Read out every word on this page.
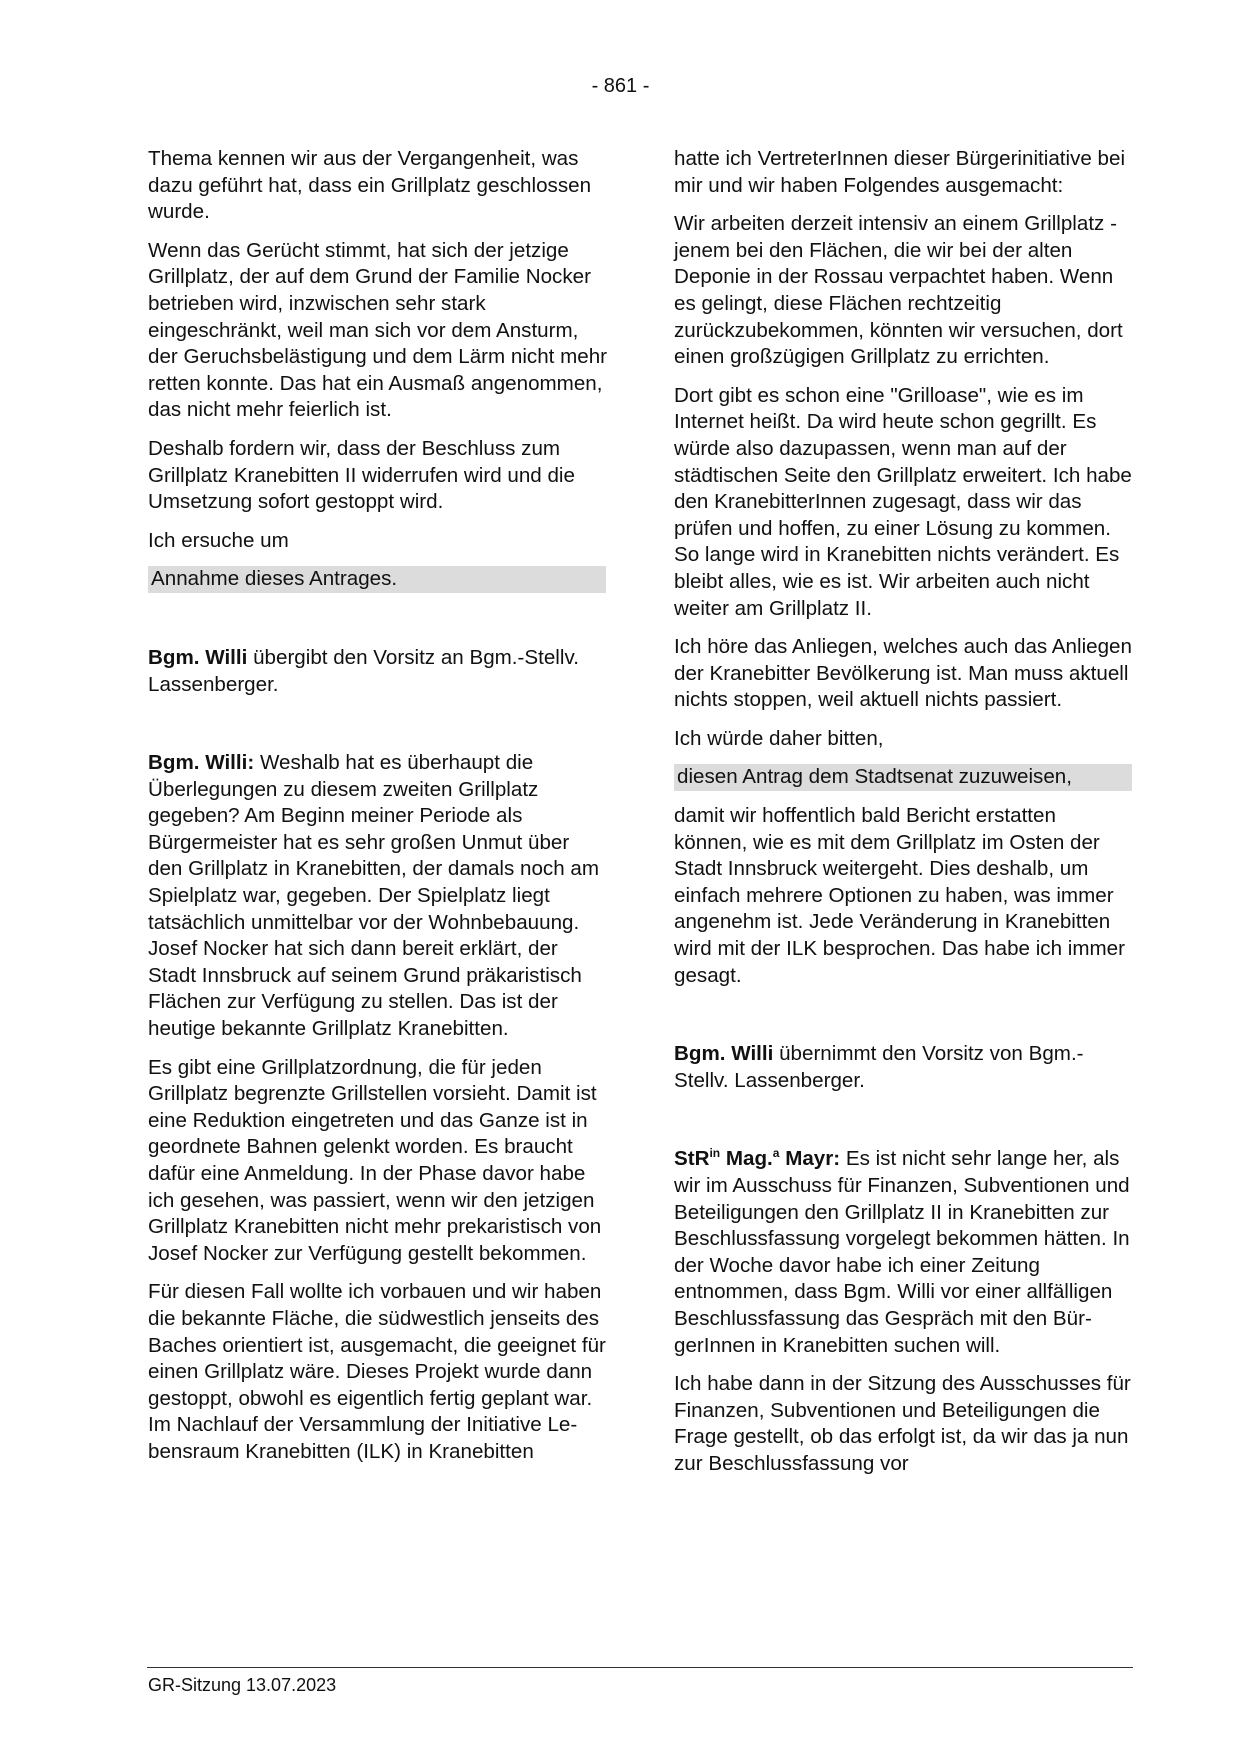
- 861 -

Thema kennen wir aus der Vergangenheit, was dazu geführt hat, dass ein Grillplatz geschlossen wurde.

Wenn das Gerücht stimmt, hat sich der jetzige Grillplatz, der auf dem Grund der Familie Nocker betrieben wird, inzwischen sehr stark eingeschränkt, weil man sich vor dem Ansturm, der Geruchsbelästigung und dem Lärm nicht mehr retten konnte. Das hat ein Ausmaß angenommen, das nicht mehr feierlich ist.

Deshalb fordern wir, dass der Beschluss zum Grillplatz Kranebitten II widerrufen wird und die Umsetzung sofort gestoppt wird.

Ich ersuche um

Annahme dieses Antrages.

Bgm. Willi übergibt den Vorsitz an Bgm.-Stellv. Lassenberger.

Bgm. Willi: Weshalb hat es überhaupt die Überlegungen zu diesem zweiten Grillplatz gegeben? Am Beginn meiner Periode als Bürgermeister hat es sehr großen Unmut über den Grillplatz in Kranebitten, der damals noch am Spielplatz war, gegeben. Der Spielplatz liegt tatsächlich unmittelbar vor der Wohnbebauung. Josef Nocker hat sich dann bereit erklärt, der Stadt Innsbruck auf seinem Grund präkaristisch Flächen zur Verfügung zu stellen. Das ist der heutige bekannte Grillplatz Kranebitten.

Es gibt eine Grillplatzordnung, die für jeden Grillplatz begrenzte Grillstellen vorsieht. Damit ist eine Reduktion eingetreten und das Ganze ist in geordnete Bahnen gelenkt worden. Es braucht dafür eine Anmeldung. In der Phase davor habe ich gesehen, was passiert, wenn wir den jetzigen Grillplatz Kranebitten nicht mehr prekaristisch von Josef Nocker zur Verfügung gestellt bekommen.

Für diesen Fall wollte ich vorbauen und wir haben die bekannte Fläche, die südwestlich jenseits des Baches orientiert ist, ausgemacht, die geeignet für einen Grillplatz wäre. Dieses Projekt wurde dann gestoppt, obwohl es eigentlich fertig geplant war. Im Nachlauf der Versammlung der Initiative Lebensraum Kranebitten (ILK) in Kranebitten

hatte ich VertreterInnen dieser Bürgerinitiative bei mir und wir haben Folgendes ausgemacht:

Wir arbeiten derzeit intensiv an einem Grillplatz - jenem bei den Flächen, die wir bei der alten Deponie in der Rossau verpachtet haben. Wenn es gelingt, diese Flächen rechtzeitig zurückzubekommen, könnten wir versuchen, dort einen großzügigen Grillplatz zu errichten.

Dort gibt es schon eine "Grilloase", wie es im Internet heißt. Da wird heute schon gegrillt. Es würde also dazupassen, wenn man auf der städtischen Seite den Grillplatz erweitert. Ich habe den KranebitterInnen zugesagt, dass wir das prüfen und hoffen, zu einer Lösung zu kommen. So lange wird in Kranebitten nichts verändert. Es bleibt alles, wie es ist. Wir arbeiten auch nicht weiter am Grillplatz II.

Ich höre das Anliegen, welches auch das Anliegen der Kranebitter Bevölkerung ist. Man muss aktuell nichts stoppen, weil aktuell nichts passiert.

Ich würde daher bitten,

diesen Antrag dem Stadtsenat zuzuweisen,

damit wir hoffentlich bald Bericht erstatten können, wie es mit dem Grillplatz im Osten der Stadt Innsbruck weitergeht. Dies deshalb, um einfach mehrere Optionen zu haben, was immer angenehm ist. Jede Veränderung in Kranebitten wird mit der ILK besprochen. Das habe ich immer gesagt.

Bgm. Willi übernimmt den Vorsitz von Bgm.-Stellv. Lassenberger.

StR$^{in}$ Mag.$^a$ Mayr: Es ist nicht sehr lange her, als wir im Ausschuss für Finanzen, Subventionen und Beteiligungen den Grillplatz II in Kranebitten zur Beschlussfassung vorgelegt bekommen hätten. In der Woche davor habe ich einer Zeitung entnommen, dass Bgm. Willi vor einer allfälligen Beschlussfassung das Gespräch mit den BürgerInnen in Kranebitten suchen will.

Ich habe dann in der Sitzung des Ausschusses für Finanzen, Subventionen und Beteiligungen die Frage gestellt, ob das erfolgt ist, da wir das ja nun zur Beschlussfassung vor

GR-Sitzung 13.07.2023
